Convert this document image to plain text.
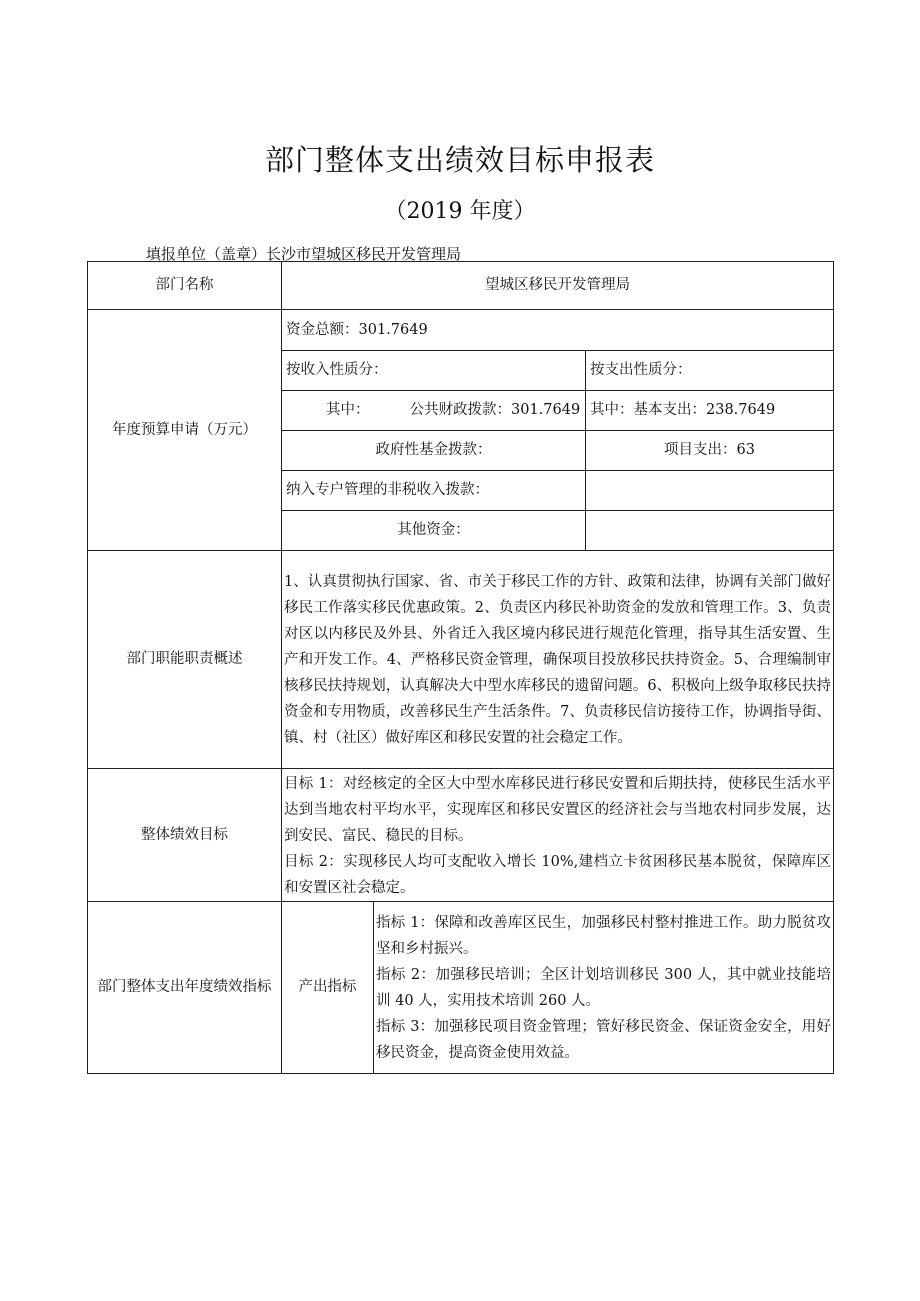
部门整体支出绩效目标申报表
（2019 年度）
填报单位（盖章）长沙市望城区移民开发管理局
部门名称	望城区移民开发管理局		
年度预算申请（万元）	资金总额：301.7649		
	按收入性质分：		按支出性质分：
	其中： 公共财政拨款：301.7649		其中：基本支出：238.7649
	政府性基金拨款：		项目支出：63
	纳入专户管理的非税收入拨款：		
	其他资金：		
部门职能职责概述	1、认真贯彻执行国家、省、市关于移民工作的方针、政策和法律，协调有关部门做好移民工作落实移民优惠政策。2、负责区内移民补助资金的发放和管理工作。3、负责对区以内移民及外县、外省迁入我区境内移民进行规范化管理，指导其生活安置、生产和开发工作。4、严格移民资金管理，确保项目投放移民扶持资金。5、合理编制审核移民扶持规划，认真解决大中型水库移民的遗留问题。6、积极向上级争取移民扶持资金和专用物质，改善移民生产生活条件。7、负责移民信访接待工作，协调指导街、镇、村（社区）做好库区和移民安置的社会稳定工作。		
整体绩效目标	目标 1：对经核定的全区大中型水库移民进行移民安置和后期扶持，使移民生活水平达到当地农村平均水平，实现库区和移民安置区的经济社会与当地农村同步发展，达到安民、富民、稳民的目标。
目标 2：实现移民人均可支配收入增长 10%,建档立卡贫困移民基本脱贫，保障库区和安置区社会稳定。		

部门整体支出年度绩效指标	产出指标	指标 1：保障和改善库区民生，加强移民村整村推进工作。助力脱贫攻坚和乡村振兴。
指标 2：加强移民培训；全区计划培训移民 300 人，其中就业技能培训 40 人，实用技术培训 260 人。
指标 3：加强移民项目资金管理；管好移民资金、保证资金安全，用好移民资金，提高资金使用效益。	
